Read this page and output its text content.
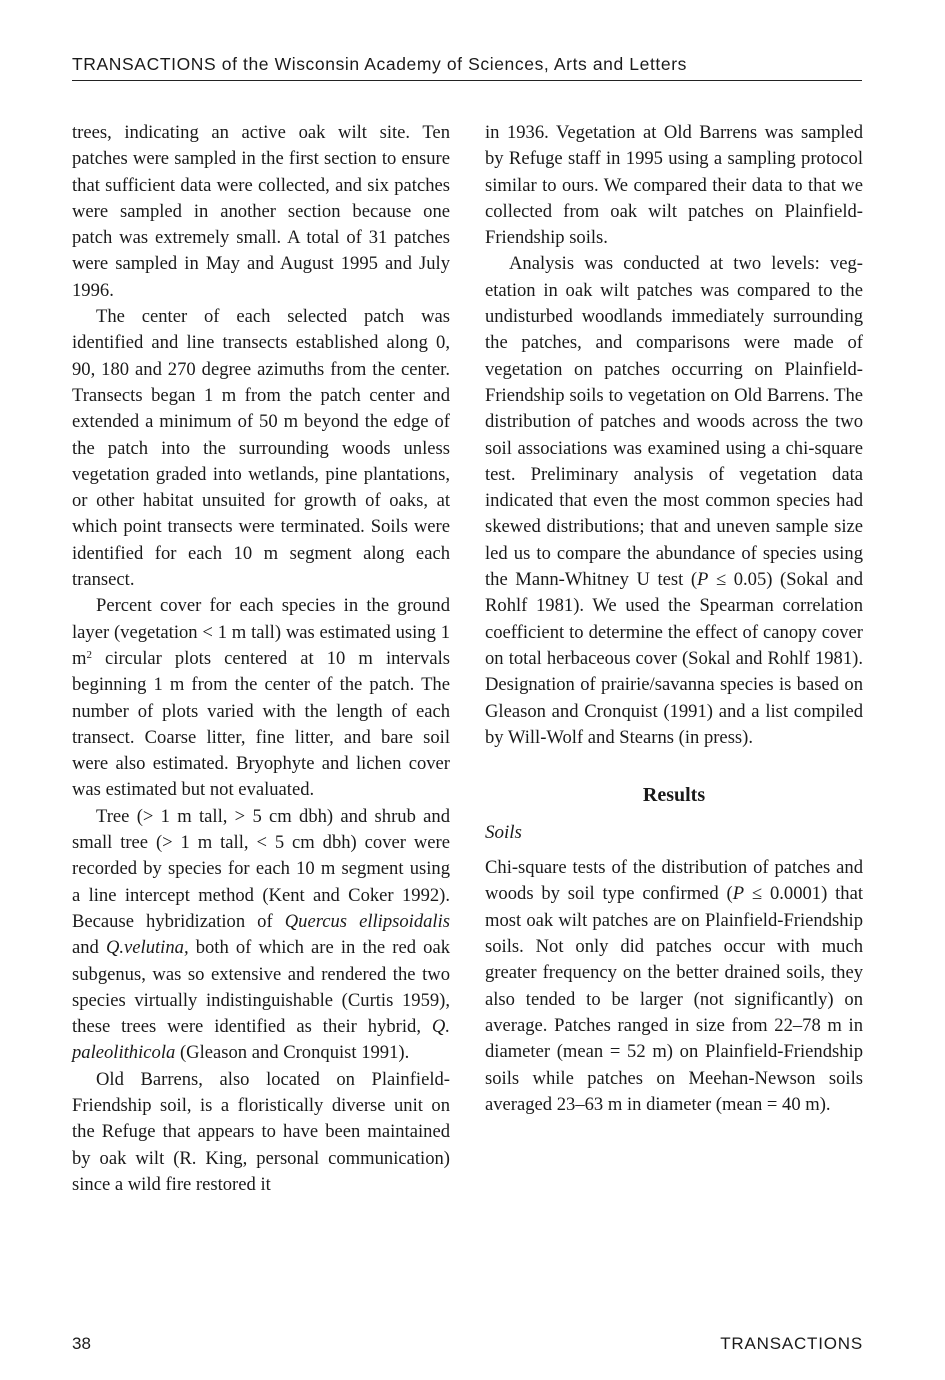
TRANSACTIONS of the Wisconsin Academy of Sciences, Arts and Letters

trees, indicating an active oak wilt site. Ten patches were sampled in the first section to ensure that sufficient data were collected, and six patches were sampled in another section because one patch was extremely small. A total of 31 patches were sampled in May and August 1995 and July 1996.

The center of each selected patch was identified and line transects established along 0, 90, 180 and 270 degree azimuths from the center. Transects began 1 m from the patch center and extended a minimum of 50 m beyond the edge of the patch into the surrounding woods unless vegetation graded into wetlands, pine plantations, or other habitat unsuited for growth of oaks, at which point transects were terminated. Soils were identified for each 10 m segment along each transect.

Percent cover for each species in the ground layer (vegetation < 1 m tall) was estimated using 1 $m^2$ circular plots centered at 10 m intervals beginning 1 m from the center of the patch. The number of plots varied with the length of each transect. Coarse litter, fine litter, and bare soil were also estimated. Bryophyte and lichen cover was estimated but not evaluated.

Tree (> 1 m tall, > 5 cm dbh) and shrub and small tree (> 1 m tall, < 5 cm dbh) cover were recorded by species for each 10 m segment using a line intercept method (Kent and Coker 1992). Because hybridization of Quercus ellipsoidalis and Q.velutina, both of which are in the red oak subgenus, was so extensive and rendered the two species virtually indistinguishable (Curtis 1959), these trees were identified as their hybrid, Q. paleolithicola (Gleason and Cronquist 1991).

Old Barrens, also located on Plainfield-Friendship soil, is a floristically diverse unit on the Refuge that appears to have been maintained by oak wilt (R. King, personal communication) since a wild fire restored it

in 1936. Vegetation at Old Barrens was sampled by Refuge staff in 1995 using a sampling protocol similar to ours. We compared their data to that we collected from oak wilt patches on Plainfield-Friendship soils.

Analysis was conducted at two levels: vegetation in oak wilt patches was compared to the undisturbed woodlands immediately surrounding the patches, and comparisons were made of vegetation on patches occurring on Plainfield-Friendship soils to vegetation on Old Barrens. The distribution of patches and woods across the two soil associations was examined using a chi-square test. Preliminary analysis of vegetation data indicated that even the most common species had skewed distributions; that and uneven sample size led us to compare the abundance of species using the Mann-Whitney U test (P ≤ 0.05) (Sokal and Rohlf 1981). We used the Spearman correlation coefficient to determine the effect of canopy cover on total herbaceous cover (Sokal and Rohlf 1981). Designation of prairie/savanna species is based on Gleason and Cronquist (1991) and a list compiled by Will-Wolf and Stearns (in press).

Results
Soils

Chi-square tests of the distribution of patches and woods by soil type confirmed (P ≤ 0.0001) that most oak wilt patches are on Plainfield-Friendship soils. Not only did patches occur with much greater frequency on the better drained soils, they also tended to be larger (not significantly) on average. Patches ranged in size from 22–78 m in diameter (mean = 52 m) on Plainfield-Friendship soils while patches on Meehan-Newson soils averaged 23–63 m in diameter (mean = 40 m).

38	TRANSACTIONS
